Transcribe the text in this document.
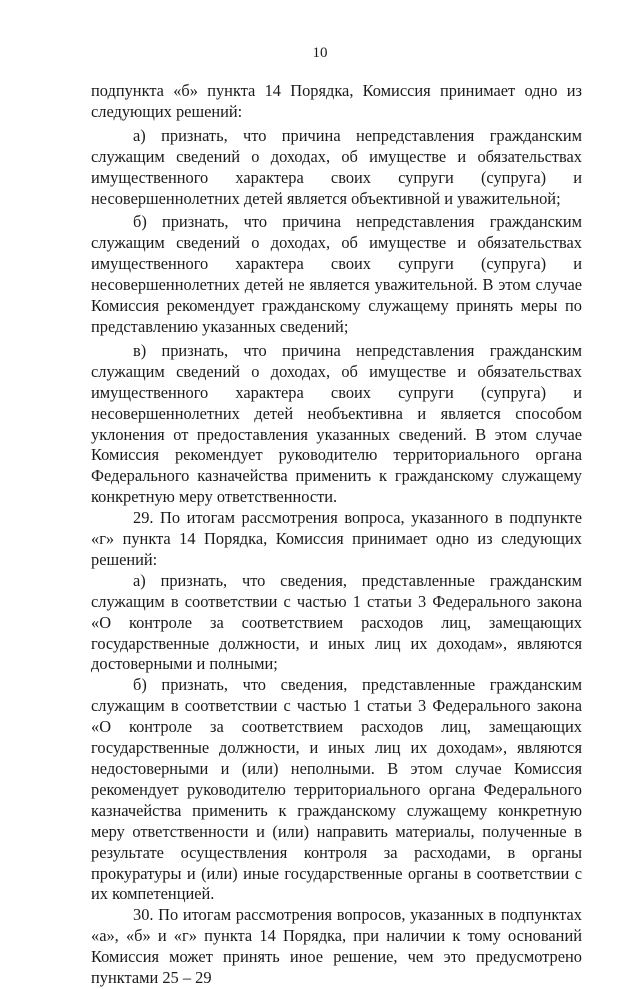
10

подпункта «б» пункта 14 Порядка, Комиссия принимает одно из следующих решений:

а) признать, что причина непредставления гражданским служащим сведений о доходах, об имуществе и обязательствах имущественного характера своих супруги (супруга) и несовершеннолетних детей является объективной и уважительной;

б) признать, что причина непредставления гражданским служащим сведений о доходах, об имуществе и обязательствах имущественного характера своих супруги (супруга) и несовершеннолетних детей не является уважительной. В этом случае Комиссия рекомендует гражданскому служащему принять меры по представлению указанных сведений;

в) признать, что причина непредставления гражданским служащим сведений о доходах, об имуществе и обязательствах имущественного характера своих супруги (супруга) и несовершеннолетних детей необъективна и является способом уклонения от предоставления указанных сведений. В этом случае Комиссия рекомендует руководителю территориального органа Федерального казначейства применить к гражданскому служащему конкретную меру ответственности.

29. По итогам рассмотрения вопроса, указанного в подпункте «г» пункта 14 Порядка, Комиссия принимает одно из следующих решений:

а) признать, что сведения, представленные гражданским служащим в соответствии с частью 1 статьи 3 Федерального закона «О контроле за соответствием расходов лиц, замещающих государственные должности, и иных лиц их доходам», являются достоверными и полными;

б) признать, что сведения, представленные гражданским служащим в соответствии с частью 1 статьи 3 Федерального закона «О контроле за соответствием расходов лиц, замещающих государственные должности, и иных лиц их доходам», являются недостоверными и (или) неполными. В этом случае Комиссия рекомендует руководителю территориального органа Федерального казначейства применить к гражданскому служащему конкретную меру ответственности и (или) направить материалы, полученные в результате осуществления контроля за расходами, в органы прокуратуры и (или) иные государственные органы в соответствии с их компетенцией.

30. По итогам рассмотрения вопросов, указанных в подпунктах «а», «б» и «г» пункта 14 Порядка, при наличии к тому оснований Комиссия может принять иное решение, чем это предусмотрено пунктами 25 – 29
